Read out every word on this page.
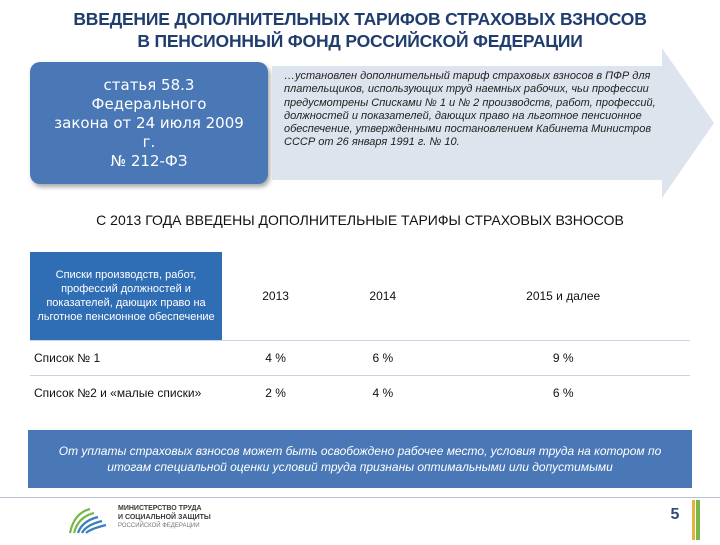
ВВЕДЕНИЕ ДОПОЛНИТЕЛЬНЫХ ТАРИФОВ СТРАХОВЫХ ВЗНОСОВ
В ПЕНСИОННЫЙ ФОНД РОССИЙСКОЙ ФЕДЕРАЦИИ
статья 58.3 Федерального
закона от 24 июля 2009 г.
№ 212-ФЗ
…установлен дополнительный тариф страховых взносов в ПФР для плательщиков, использующих труд наемных рабочих, чьи профессии предусмотрены Списками № 1 и № 2 производств, работ, профессий, должностей и показателей, дающих право на льготное пенсионное обеспечение, утвержденными постановлением Кабинета Министров СССР от 26 января 1991 г. № 10.
С 2013 ГОДА ВВЕДЕНЫ ДОПОЛНИТЕЛЬНЫЕ ТАРИФЫ СТРАХОВЫХ ВЗНОСОВ
Списки производств, работ, профессий должностей и показателей, дающих право на льготное пенсионное обеспечение	2013	2014	2015 и далее
Список № 1	4 %	6 %	9 %
Список №2 и «малые списки»	2 %	4 %	6 %
От уплаты страховых взносов может быть освобождено рабочее место, условия труда на котором по итогам специальной оценки условий труда признаны оптимальными или допустимыми
МИНИСТЕРСТВО ТРУДА
И СОЦИАЛЬНОЙ ЗАЩИТЫ
РОССИЙСКОЙ ФЕДЕРАЦИИ
5
